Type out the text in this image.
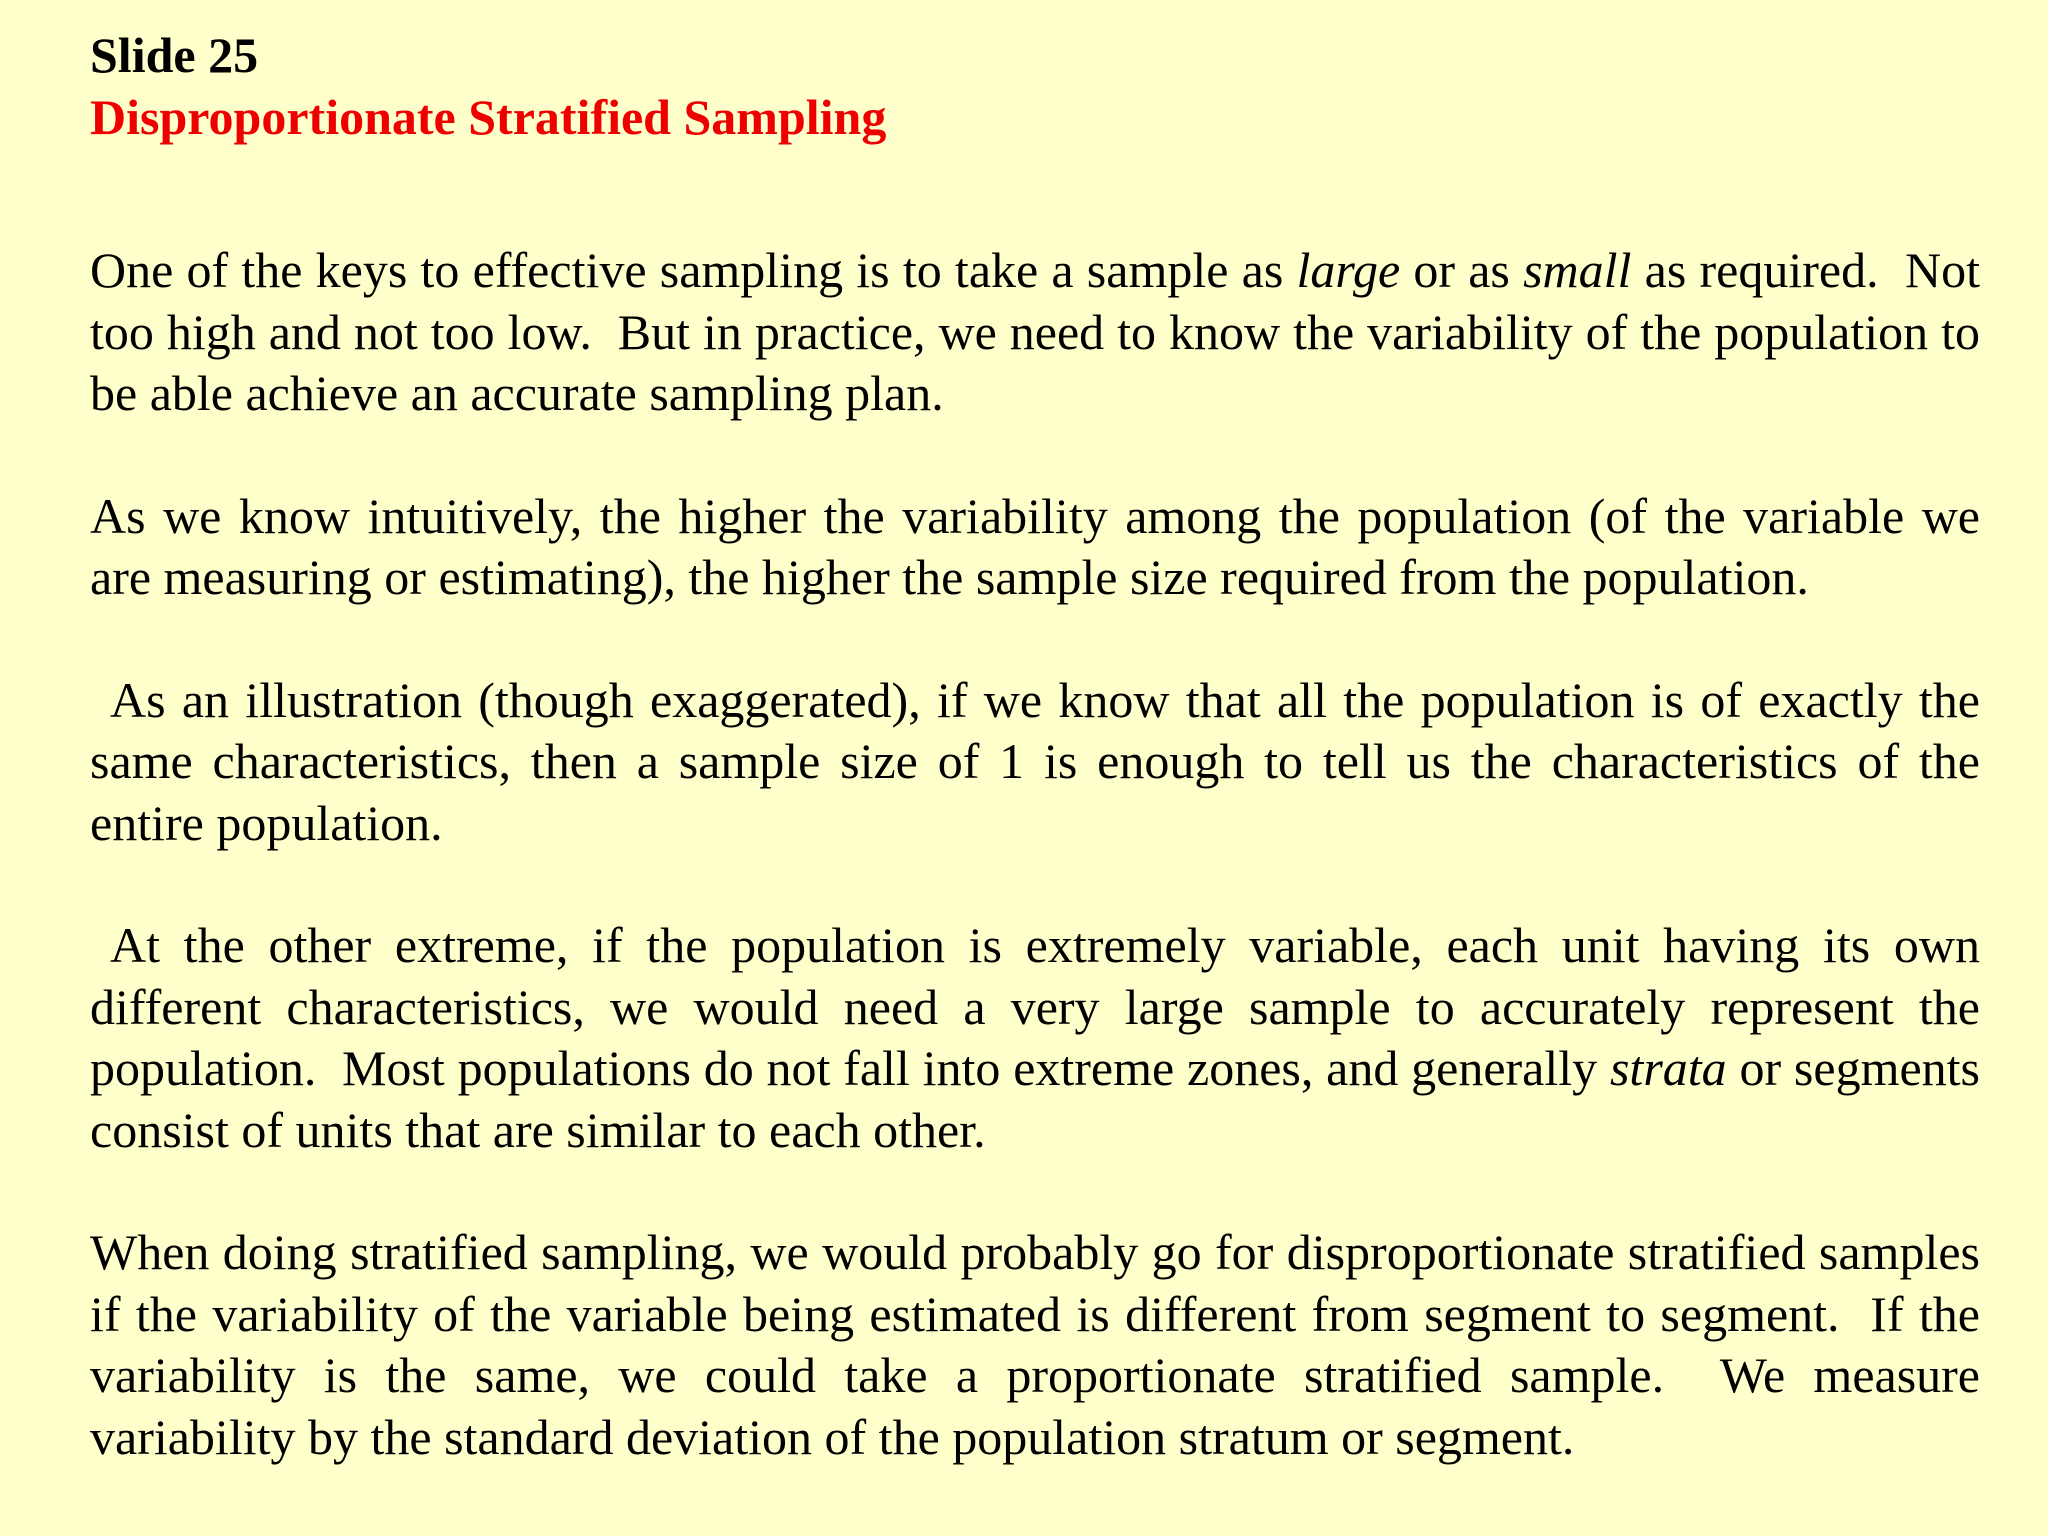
Slide 25
Disproportionate Stratified Sampling

One of the keys to effective sampling is to take a sample as large or as small as required.  Not too high and not too low.  But in practice, we need to know the variability of the population to be able achieve an accurate sampling plan.

As we know intuitively, the higher the variability among the population (of the variable we are measuring or estimating), the higher the sample size required from the population.

As an illustration (though exaggerated), if we know that all the population is of exactly the same characteristics, then a sample size of 1 is enough to tell us the characteristics of the entire population.

At the other extreme, if the population is extremely variable, each unit having its own different characteristics, we would need a very large sample to accurately represent the population.  Most populations do not fall into extreme zones, and generally strata or segments consist of units that are similar to each other.

When doing stratified sampling, we would probably go for disproportionate stratified samples if the variability of the variable being estimated is different from segment to segment.  If the variability is the same, we could take a proportionate stratified sample.  We measure variability by the standard deviation of the population stratum or segment.
